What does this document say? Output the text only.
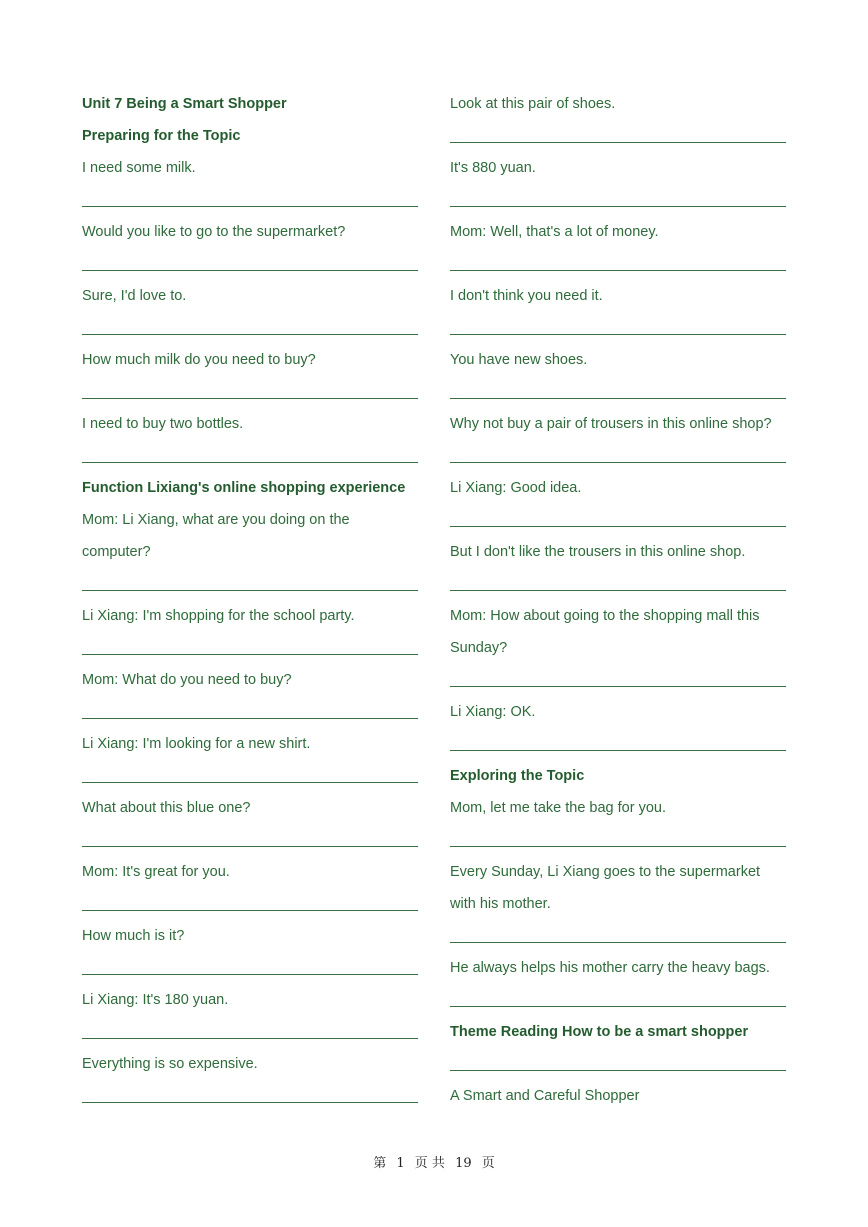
Unit 7 Being a Smart Shopper
Preparing for the Topic
I need some milk.
Would you like to go to the supermarket?
Sure, I'd love to.
How much milk do you need to buy?
I need to buy two bottles.
Function Lixiang's online shopping experience
Mom: Li Xiang, what are you doing on the
computer?
Li Xiang: I'm shopping for the school party.
Mom: What do you need to buy?
Li Xiang: I'm looking for a new shirt.
What about this blue one?
Mom: It's great for you.
How much is it?
Li Xiang: It's 180 yuan.
Everything is so expensive.
Look at this pair of shoes.
It's 880 yuan.
Mom: Well, that's a lot of money.
I don't think you need it.
You have new shoes.
Why not buy a pair of trousers in this online shop?
Li Xiang: Good idea.
But I don't like the trousers in this online shop.
Mom: How about going to the shopping mall this
Sunday?
Li Xiang: OK.
Exploring the Topic
Mom, let me take the bag for you.
Every Sunday, Li Xiang goes to the supermarket
with his mother.
He always helps his mother carry the heavy bags.
Theme Reading How to be a smart shopper
A Smart and Careful Shopper
第 1 页 共 19 页
